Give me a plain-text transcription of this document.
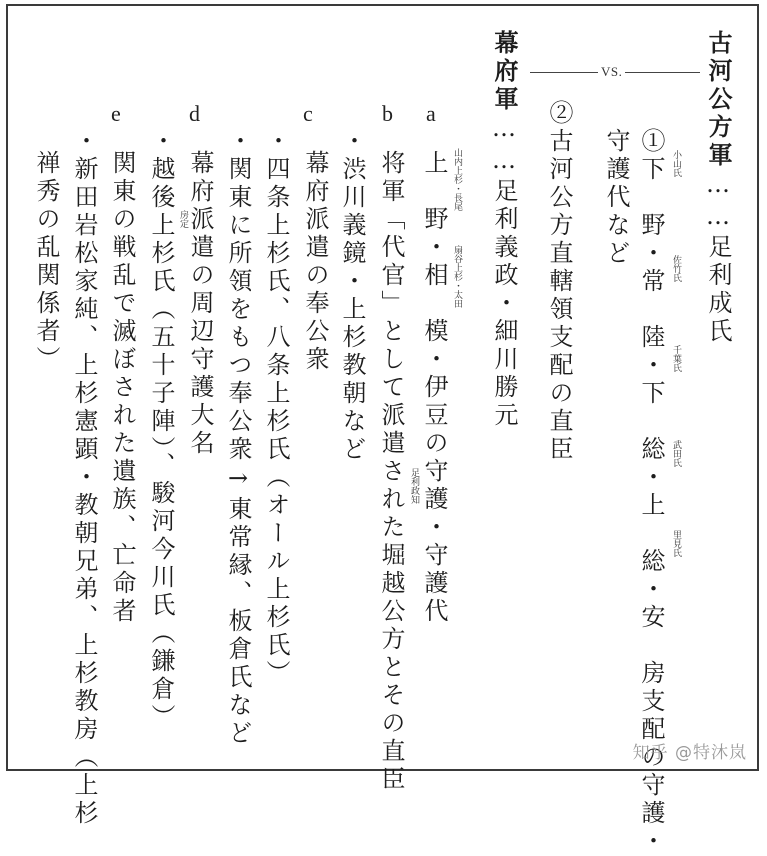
古河公方軍……足利成氏
VS.
①下　野・常　陸・下　総・上　総・安　房支配の守護・
守護代など	小山氏
佐竹氏
千葉氏
武田氏
里見氏
②古河公方直轄領支配の直臣
幕府軍……足利義政・細川勝元
a
b
c
d
e
上　野・相　模・伊豆の守護・守護代 山内上杉・長尾
扇谷上杉・太田
将軍「代官」として派遣された堀越公方とその直臣 足利政知
・渋川義鏡・上杉教朝など
幕府派遣の奉公衆
・四条上杉氏、八条上杉氏（オール上杉氏）
・関東に所領をもつ奉公衆→東常縁、板倉氏など
幕府派遣の周辺守護大名
・越後上杉氏（五十子陣）、駿河今川氏（鎌倉） 房定
関東の戦乱で滅ぼされた遺族、亡命者
・新田岩松家純、上杉憲顕・教朝兄弟、上杉教房（上杉
禅秀の乱関係者）
知乎 @特沐岚
